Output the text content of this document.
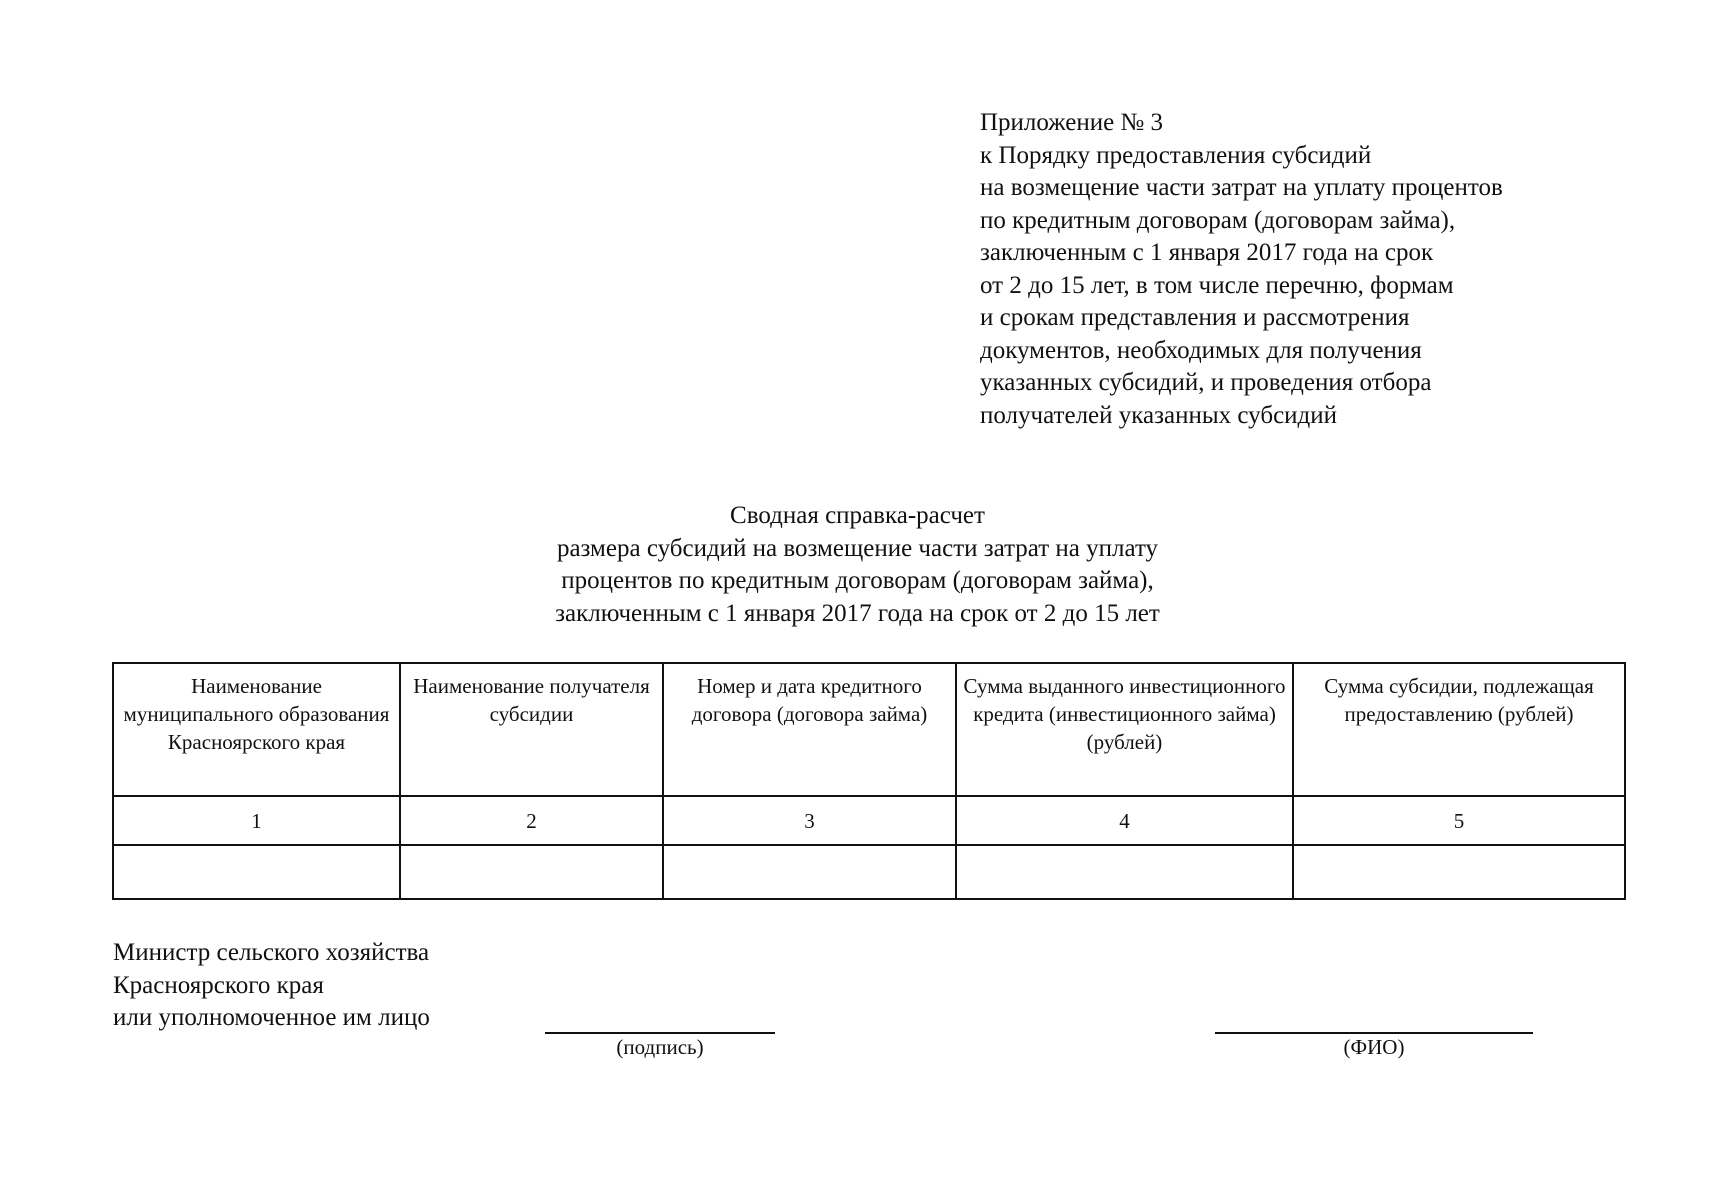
Приложение № 3
к Порядку предоставления субсидий
на возмещение части затрат на уплату процентов
по кредитным договорам (договорам займа),
заключенным с 1 января 2017 года на срок
от 2 до 15 лет, в том числе перечню, формам
и срокам представления и рассмотрения
документов, необходимых для получения
указанных субсидий, и проведения отбора
получателей указанных субсидий
Сводная справка-расчет
размера субсидий на возмещение части затрат на уплату
процентов по кредитным договорам (договорам займа),
заключенным с 1 января 2017 года на срок от 2 до 15 лет
Наименование муниципального образования Красноярского края	Наименование получателя субсидии	Номер и дата кредитного договора (договора займа)	Сумма выданного инвестиционного кредита (инвестиционного займа) (рублей)	Сумма субсидии, подлежащая предоставлению (рублей)
1	2	3	4	5

Министр сельского хозяйства
Красноярского края
или уполномоченное им лицо
(подпись)	(ФИО)
